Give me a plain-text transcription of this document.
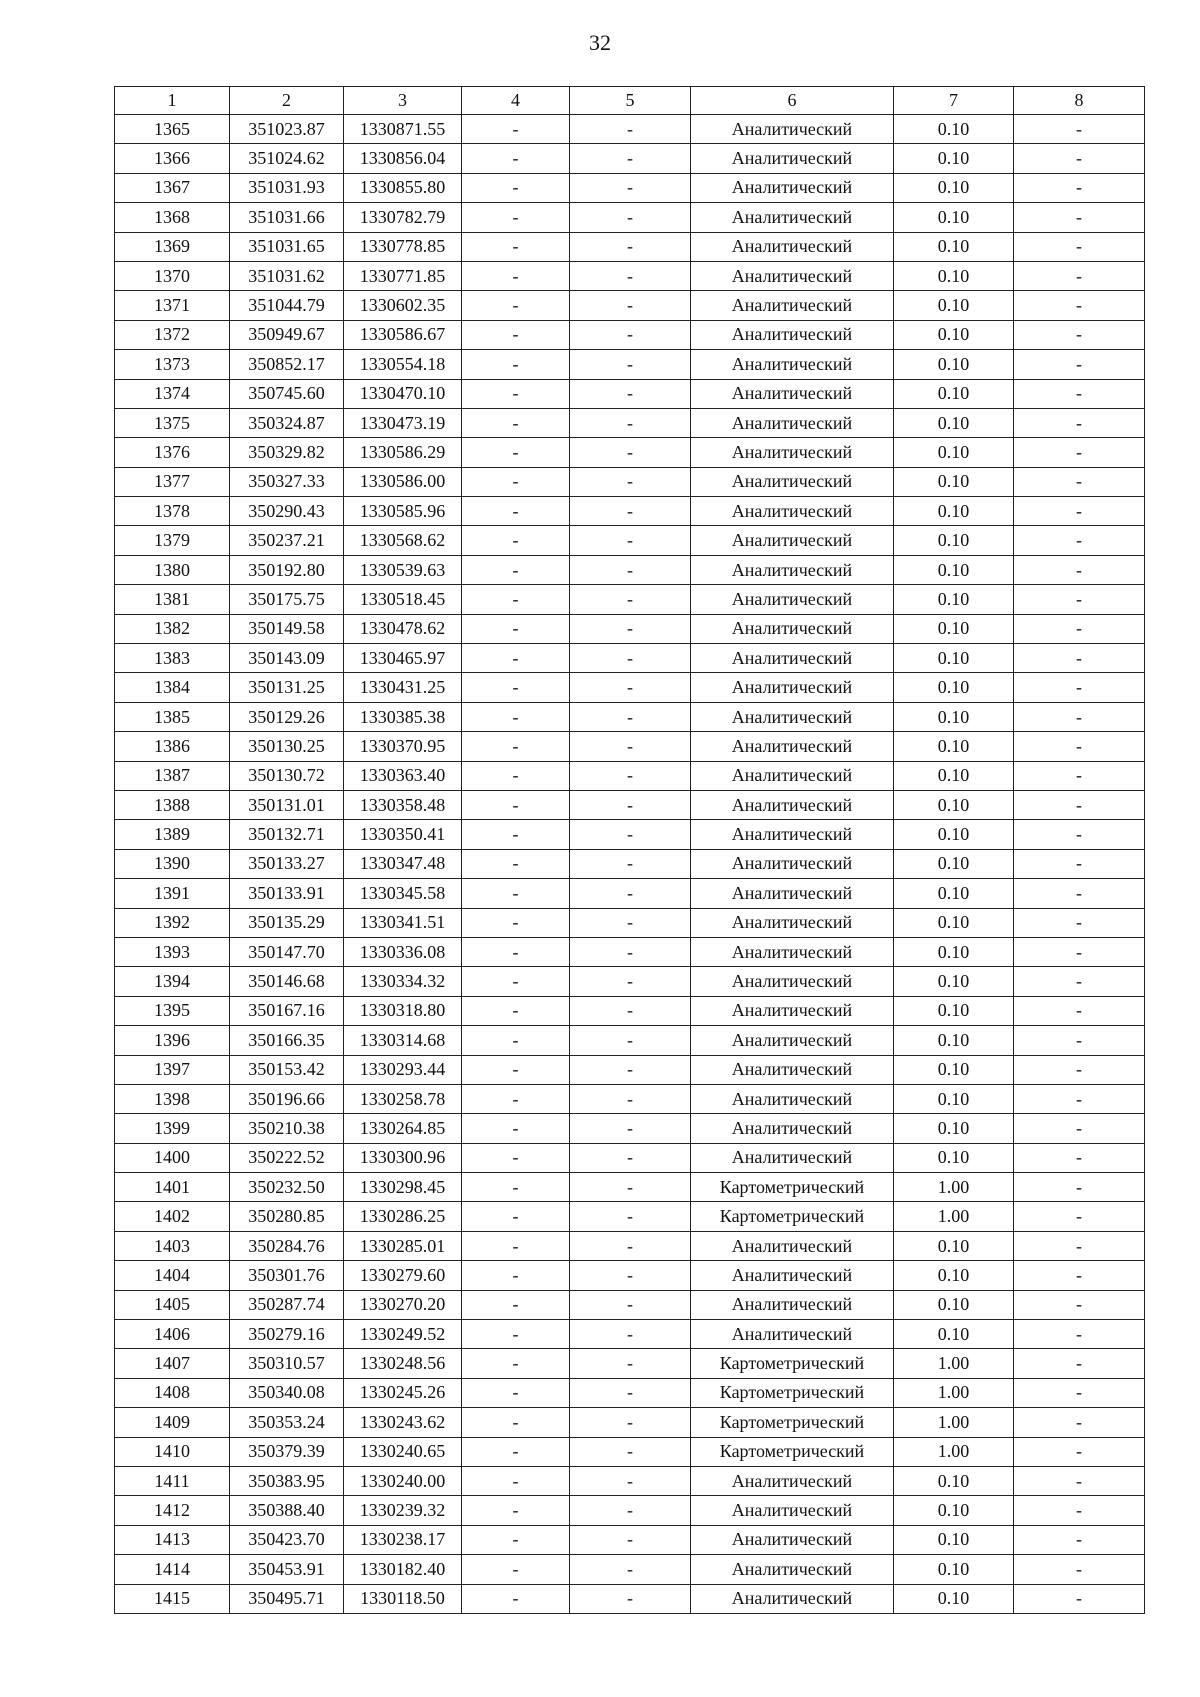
32
1	2	3	4	5	6	7	8
1365	351023.87	1330871.55	-	-	Аналитический	0.10	-
1366	351024.62	1330856.04	-	-	Аналитический	0.10	-
1367	351031.93	1330855.80	-	-	Аналитический	0.10	-
1368	351031.66	1330782.79	-	-	Аналитический	0.10	-
1369	351031.65	1330778.85	-	-	Аналитический	0.10	-
1370	351031.62	1330771.85	-	-	Аналитический	0.10	-
1371	351044.79	1330602.35	-	-	Аналитический	0.10	-
1372	350949.67	1330586.67	-	-	Аналитический	0.10	-
1373	350852.17	1330554.18	-	-	Аналитический	0.10	-
1374	350745.60	1330470.10	-	-	Аналитический	0.10	-
1375	350324.87	1330473.19	-	-	Аналитический	0.10	-
1376	350329.82	1330586.29	-	-	Аналитический	0.10	-
1377	350327.33	1330586.00	-	-	Аналитический	0.10	-
1378	350290.43	1330585.96	-	-	Аналитический	0.10	-
1379	350237.21	1330568.62	-	-	Аналитический	0.10	-
1380	350192.80	1330539.63	-	-	Аналитический	0.10	-
1381	350175.75	1330518.45	-	-	Аналитический	0.10	-
1382	350149.58	1330478.62	-	-	Аналитический	0.10	-
1383	350143.09	1330465.97	-	-	Аналитический	0.10	-
1384	350131.25	1330431.25	-	-	Аналитический	0.10	-
1385	350129.26	1330385.38	-	-	Аналитический	0.10	-
1386	350130.25	1330370.95	-	-	Аналитический	0.10	-
1387	350130.72	1330363.40	-	-	Аналитический	0.10	-
1388	350131.01	1330358.48	-	-	Аналитический	0.10	-
1389	350132.71	1330350.41	-	-	Аналитический	0.10	-
1390	350133.27	1330347.48	-	-	Аналитический	0.10	-
1391	350133.91	1330345.58	-	-	Аналитический	0.10	-
1392	350135.29	1330341.51	-	-	Аналитический	0.10	-
1393	350147.70	1330336.08	-	-	Аналитический	0.10	-
1394	350146.68	1330334.32	-	-	Аналитический	0.10	-
1395	350167.16	1330318.80	-	-	Аналитический	0.10	-
1396	350166.35	1330314.68	-	-	Аналитический	0.10	-
1397	350153.42	1330293.44	-	-	Аналитический	0.10	-
1398	350196.66	1330258.78	-	-	Аналитический	0.10	-
1399	350210.38	1330264.85	-	-	Аналитический	0.10	-
1400	350222.52	1330300.96	-	-	Аналитический	0.10	-
1401	350232.50	1330298.45	-	-	Картометрический	1.00	-
1402	350280.85	1330286.25	-	-	Картометрический	1.00	-
1403	350284.76	1330285.01	-	-	Аналитический	0.10	-
1404	350301.76	1330279.60	-	-	Аналитический	0.10	-
1405	350287.74	1330270.20	-	-	Аналитический	0.10	-
1406	350279.16	1330249.52	-	-	Аналитический	0.10	-
1407	350310.57	1330248.56	-	-	Картометрический	1.00	-
1408	350340.08	1330245.26	-	-	Картометрический	1.00	-
1409	350353.24	1330243.62	-	-	Картометрический	1.00	-
1410	350379.39	1330240.65	-	-	Картометрический	1.00	-
1411	350383.95	1330240.00	-	-	Аналитический	0.10	-
1412	350388.40	1330239.32	-	-	Аналитический	0.10	-
1413	350423.70	1330238.17	-	-	Аналитический	0.10	-
1414	350453.91	1330182.40	-	-	Аналитический	0.10	-
1415	350495.71	1330118.50	-	-	Аналитический	0.10	-
